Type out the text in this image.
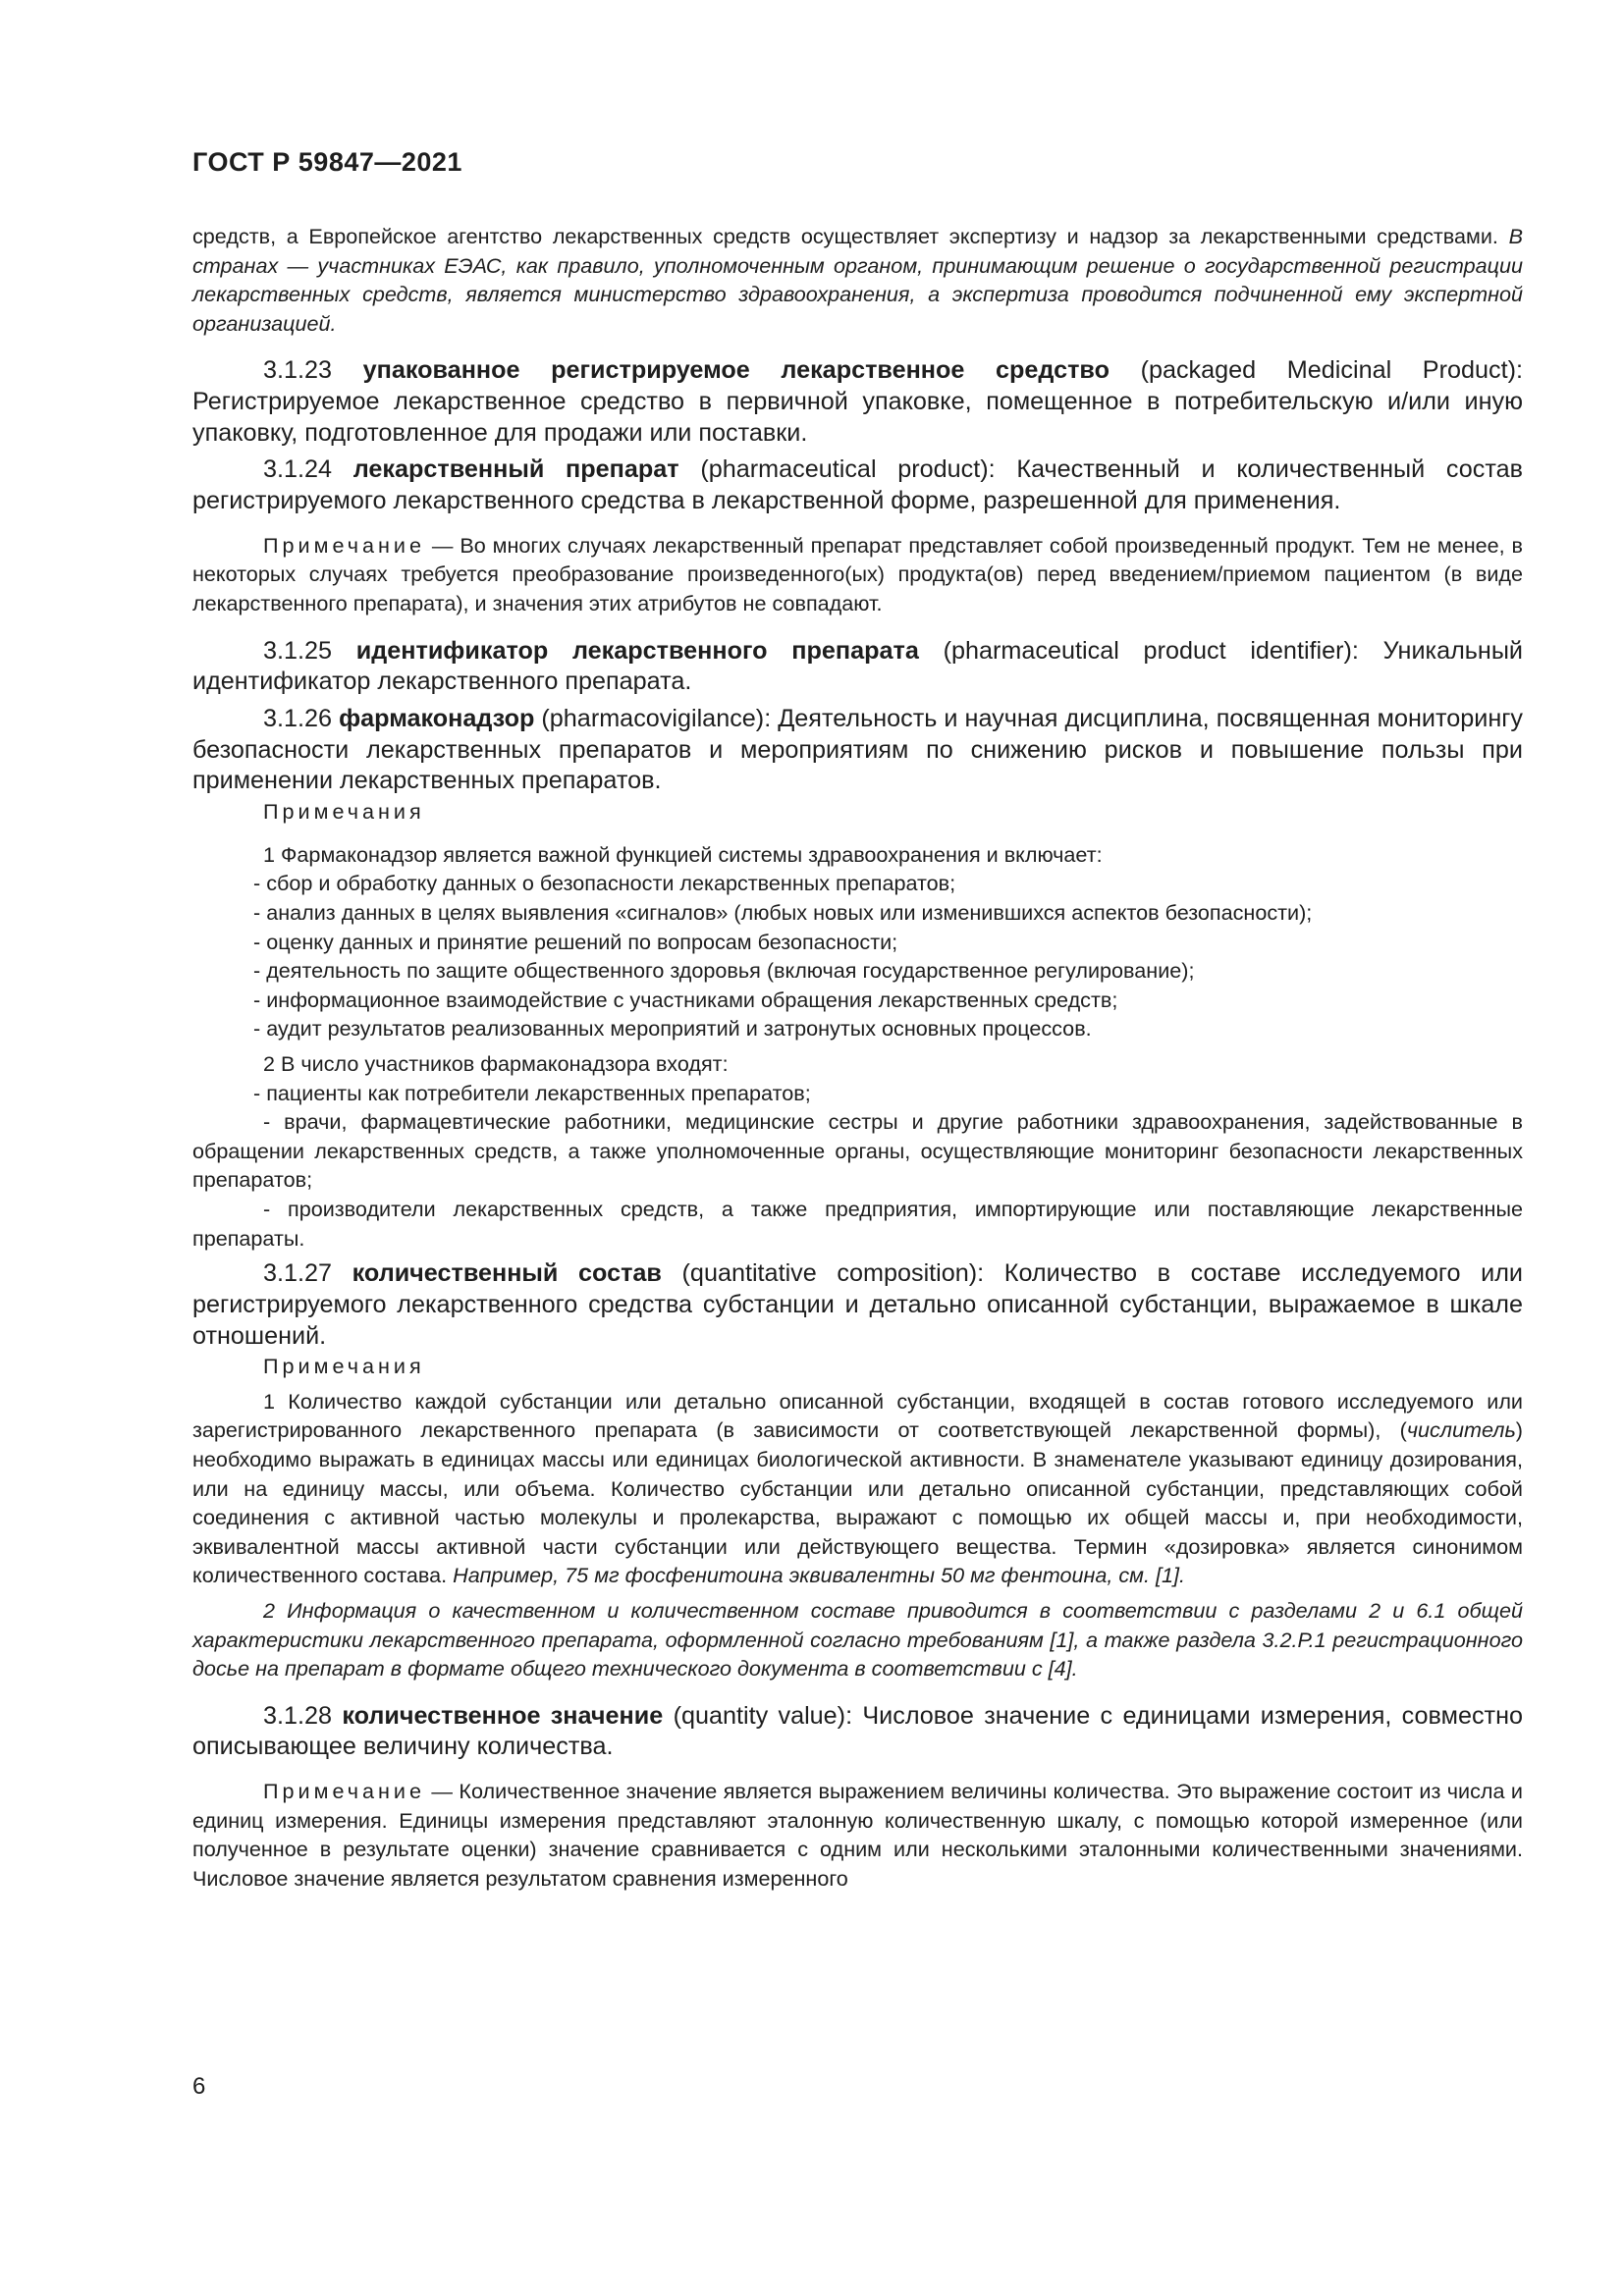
ГОСТ Р 59847—2021

средств, а Европейское агентство лекарственных средств осуществляет экспертизу и надзор за лекарственными средствами. В странах — участниках ЕЭАС, как правило, уполномоченным органом, принимающим решение о государственной регистрации лекарственных средств, является министерство здравоохранения, а экспертиза проводится подчиненной ему экспертной организацией.

3.1.23 упакованное регистрируемое лекарственное средство (packaged Medicinal Product): Регистрируемое лекарственное средство в первичной упаковке, помещенное в потребительскую и/или иную упаковку, подготовленное для продажи или поставки.

3.1.24 лекарственный препарат (pharmaceutical product): Качественный и количественный состав регистрируемого лекарственного средства в лекарственной форме, разрешенной для применения.

Примечание — Во многих случаях лекарственный препарат представляет собой произведенный продукт. Тем не менее, в некоторых случаях требуется преобразование произведенного(ых) продукта(ов) перед введением/приемом пациентом (в виде лекарственного препарата), и значения этих атрибутов не совпадают.

3.1.25 идентификатор лекарственного препарата (pharmaceutical product identifier): Уникальный идентификатор лекарственного препарата.

3.1.26 фармаконадзор (pharmacovigilance): Деятельность и научная дисциплина, посвященная мониторингу безопасности лекарственных препаратов и мероприятиям по снижению рисков и повышение пользы при применении лекарственных препаратов.

Примечания

1 Фармаконадзор является важной функцией системы здравоохранения и включает:

- сбор и обработку данных о безопасности лекарственных препаратов;
- анализ данных в целях выявления «сигналов» (любых новых или изменившихся аспектов безопасности);
- оценку данных и принятие решений по вопросам безопасности;
- деятельность по защите общественного здоровья (включая государственное регулирование);
- информационное взаимодействие с участниками обращения лекарственных средств;
- аудит результатов реализованных мероприятий и затронутых основных процессов.

2 В число участников фармаконадзора входят:

- пациенты как потребители лекарственных препаратов;

- врачи, фармацевтические работники, медицинские сестры и другие работники здравоохранения, задействованные в обращении лекарственных средств, а также уполномоченные органы, осуществляющие мониторинг безопасности лекарственных препаратов;

- производители лекарственных средств, а также предприятия, импортирующие или поставляющие лекарственные препараты.

3.1.27 количественный состав (quantitative composition): Количество в составе исследуемого или регистрируемого лекарственного средства субстанции и детально описанной субстанции, выражаемое в шкале отношений.

Примечания

1 Количество каждой субстанции или детально описанной субстанции, входящей в состав готового исследуемого или зарегистрированного лекарственного препарата (в зависимости от соответствующей лекарственной формы), (числитель) необходимо выражать в единицах массы или единицах биологической активности. В знаменателе указывают единицу дозирования, или на единицу массы, или объема. Количество субстанции или детально описанной субстанции, представляющих собой соединения с активной частью молекулы и пролекарства, выражают с помощью их общей массы и, при необходимости, эквивалентной массы активной части субстанции или действующего вещества. Термин «дозировка» является синонимом количественного состава. Например, 75 мг фосфенитоина эквивалентны 50 мг фентоина, см. [1].

2 Информация о качественном и количественном составе приводится в соответствии с разделами 2 и 6.1 общей характеристики лекарственного препарата, оформленной согласно требованиям [1], а также раздела 3.2.Р.1 регистрационного досье на препарат в формате общего технического документа в соответствии с [4].

3.1.28 количественное значение (quantity value): Числовое значение с единицами измерения, совместно описывающее величину количества.

Примечание — Количественное значение является выражением величины количества. Это выражение состоит из числа и единиц измерения. Единицы измерения представляют эталонную количественную шкалу, с помощью которой измеренное (или полученное в результате оценки) значение сравнивается с одним или несколькими эталонными количественными значениями. Числовое значение является результатом сравнения измеренного

6
